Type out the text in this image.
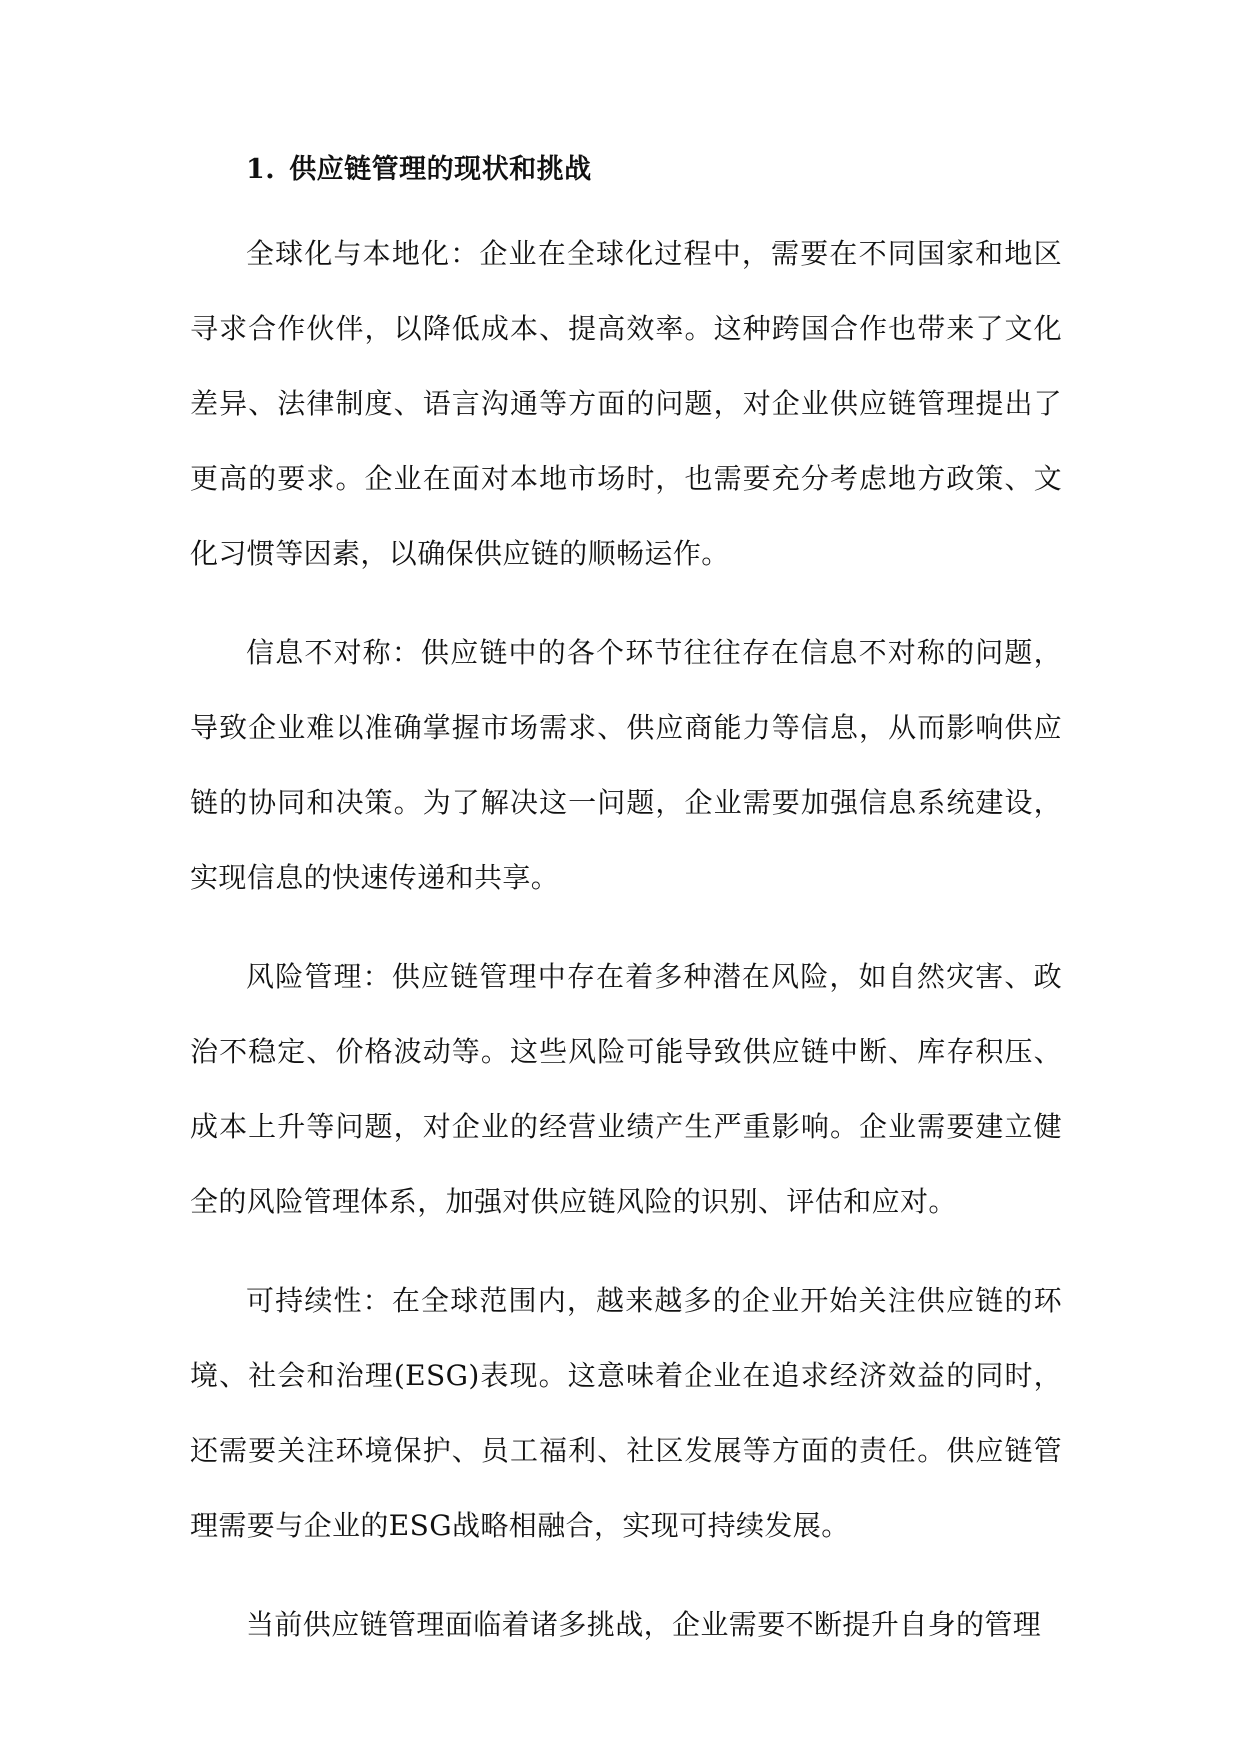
1. 供应链管理的现状和挑战

全球化与本地化：企业在全球化过程中，需要在不同国家和地区寻求合作伙伴，以降低成本、提高效率。这种跨国合作也带来了文化差异、法律制度、语言沟通等方面的问题，对企业供应链管理提出了更高的要求。企业在面对本地市场时，也需要充分考虑地方政策、文化习惯等因素，以确保供应链的顺畅运作。

信息不对称：供应链中的各个环节往往存在信息不对称的问题，导致企业难以准确掌握市场需求、供应商能力等信息，从而影响供应链的协同和决策。为了解决这一问题，企业需要加强信息系统建设，实现信息的快速传递和共享。

风险管理：供应链管理中存在着多种潜在风险，如自然灾害、政治不稳定、价格波动等。这些风险可能导致供应链中断、库存积压、成本上升等问题，对企业的经营业绩产生严重影响。企业需要建立健全的风险管理体系，加强对供应链风险的识别、评估和应对。

可持续性：在全球范围内，越来越多的企业开始关注供应链的环境、社会和治理(ESG)表现。这意味着企业在追求经济效益的同时，还需要关注环境保护、员工福利、社区发展等方面的责任。供应链管理需要与企业的ESG战略相融合，实现可持续发展。

当前供应链管理面临着诸多挑战，企业需要不断提升自身的管理
